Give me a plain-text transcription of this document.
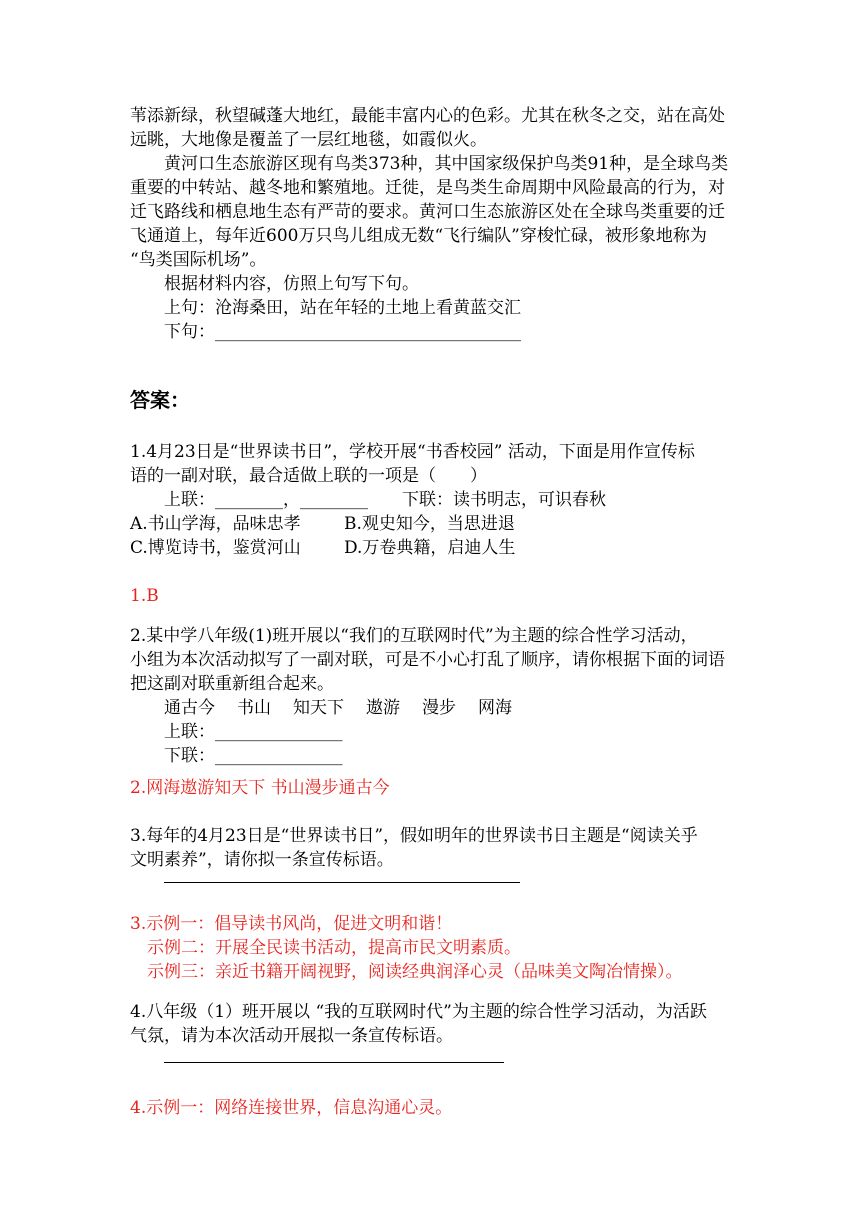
苇添新绿，秋望碱蓬大地红，最能丰富内心的色彩。尤其在秋冬之交，站在高处
远眺，大地像是覆盖了一层红地毯，如霞似火。
黄河口生态旅游区现有鸟类373种，其中国家级保护鸟类91种，是全球鸟类
重要的中转站、越冬地和繁殖地。迁徙，是鸟类生命周期中风险最高的行为，对
迁飞路线和栖息地生态有严苛的要求。黄河口生态旅游区处在全球鸟类重要的迁
飞通道上，每年近600万只鸟儿组成无数“飞行编队”穿梭忙碌，被形象地称为
“鸟类国际机场”。
根据材料内容，仿照上句写下句。
上句：沧海桑田，站在年轻的土地上看黄蓝交汇
下句：____________________________________
答案：
1.4月23日是“世界读书日”，学校开展“书香校园” 活动，下面是用作宣传标
语的一副对联，最合适做上联的一项是（　　）
上联：________，________　　下联：读书明志，可识春秋
A.书山学海，品味忠孝	B.观史知今，当思进退
C.博览诗书，鉴赏河山	D.万卷典籍，启迪人生
1.B
2.某中学八年级(1)班开展以“我们的互联网时代”为主题的综合性学习活动，
小组为本次活动拟写了一副对联，可是不小心打乱了顺序，请你根据下面的词语
把这副对联重新组合起来。
通古今 书山 知天下 遨游 漫步 网海
上联：_______________
下联：_______________
2.网海遨游知天下 书山漫步通古今
3.每年的4月23日是“世界读书日”，假如明年的世界读书日主题是“阅读关乎
文明素养”，请你拟一条宣传标语。
3.示例一：倡导读书风尚，促进文明和谐！
示例二：开展全民读书活动，提高市民文明素质。
示例三：亲近书籍开阔视野，阅读经典润泽心灵（品味美文陶冶情操）。
4.八年级（1）班开展以 “我的互联网时代”为主题的综合性学习活动，为活跃
气氛，请为本次活动开展拟一条宣传标语。
4.示例一：网络连接世界，信息沟通心灵。
